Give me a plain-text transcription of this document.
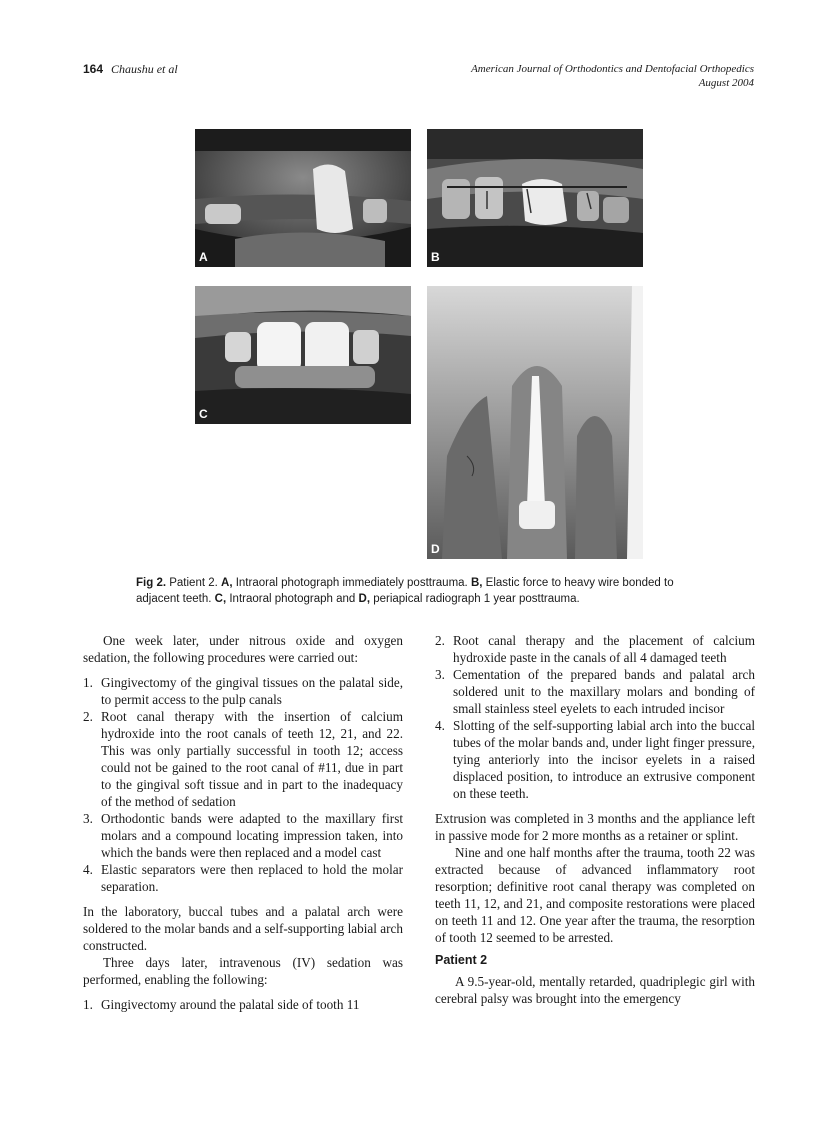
164 Chaushu et al	American Journal of Orthodontics and Dentofacial Orthopedics
August 2004
A	B
C
D
Fig 2. Patient 2. A, Intraoral photograph immediately posttrauma. B, Elastic force to heavy wire bonded to adjacent teeth. C, Intraoral photograph and D, periapical radiograph 1 year posttrauma.

One week later, under nitrous oxide and oxygen sedation, the following procedures were carried out:

1. Gingivectomy of the gingival tissues on the palatal side, to permit access to the pulp canals
2. Root canal therapy with the insertion of calcium hydroxide into the root canals of teeth 12, 21, and 22. This was only partially successful in tooth 12; access could not be gained to the root canal of #11, due in part to the gingival soft tissue and in part to the inadequacy of the method of sedation
3. Orthodontic bands were adapted to the maxillary first molars and a compound locating impression taken, into which the bands were then replaced and a model cast
4. Elastic separators were then replaced to hold the molar separation.

In the laboratory, buccal tubes and a palatal arch were soldered to the molar bands and a self-supporting labial arch constructed.

Three days later, intravenous (IV) sedation was performed, enabling the following:

1. Gingivectomy around the palatal side of tooth 11
2. Root canal therapy and the placement of calcium hydroxide paste in the canals of all 4 damaged teeth
3. Cementation of the prepared bands and palatal arch soldered unit to the maxillary molars and bonding of small stainless steel eyelets to each intruded incisor
4. Slotting of the self-supporting labial arch into the buccal tubes of the molar bands and, under light finger pressure, tying anteriorly into the incisor eyelets in a raised displaced position, to introduce an extrusive component on these teeth.

Extrusion was completed in 3 months and the appliance left in passive mode for 2 more months as a retainer or splint.

Nine and one half months after the trauma, tooth 22 was extracted because of advanced inflammatory root resorption; definitive root canal therapy was completed on teeth 11, 12, and 21, and composite restorations were placed on teeth 11 and 12. One year after the trauma, the resorption of tooth 12 seemed to be arrested.

Patient 2

A 9.5-year-old, mentally retarded, quadriplegic girl with cerebral palsy was brought into the emergency
